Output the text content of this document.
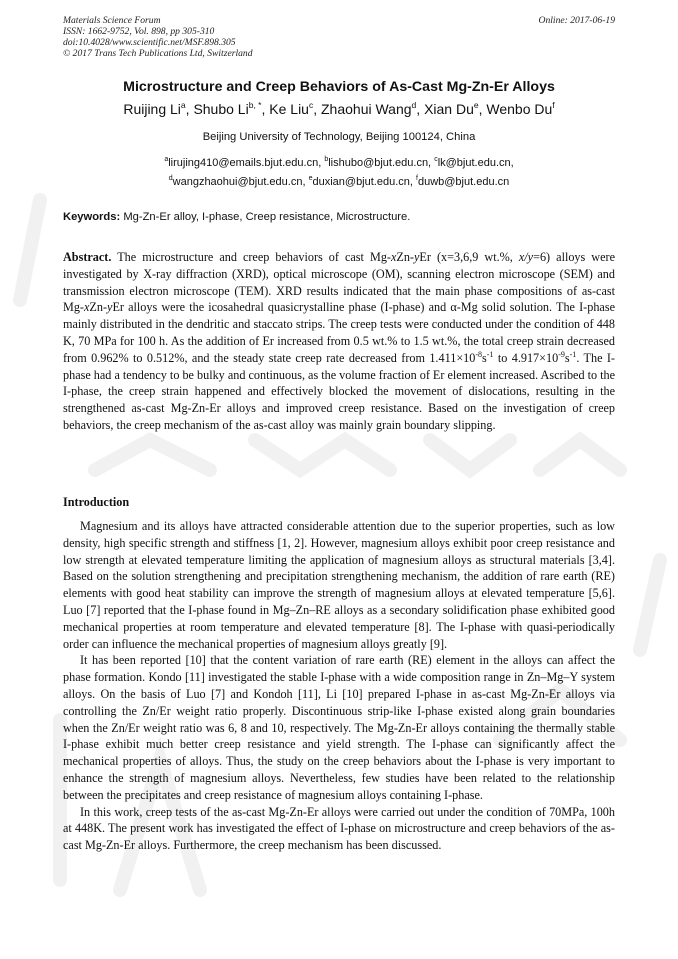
Materials Science Forum
ISSN: 1662-9752, Vol. 898, pp 305-310
doi:10.4028/www.scientific.net/MSF.898.305
© 2017 Trans Tech Publications Ltd, Switzerland
Online: 2017-06-19
Microstructure and Creep Behaviors of As-Cast Mg-Zn-Er Alloys
Ruijing Li$^a$, Shubo $Li^{b, *}$, Ke Liu$^c$, Zhaohui Wang$^d$, Xian Du$^e$, Wenbo Du$^f$
Beijing University of Technology, Beijing 100124, China
$^a$lirujing410@emails.bjut.edu.cn, $^b$lishubo@bjut.edu.cn, $^c$lk@bjut.edu.cn,
$^d$wangzhaohui@bjut.edu.cn, $^e$duxian@bjut.edu.cn, $^f$duwb@bjut.edu.cn
Keywords: Mg-Zn-Er alloy, I-phase, Creep resistance, Microstructure.
Abstract. The microstructure and creep behaviors of cast Mg-xZn-yEr (x=3,6,9 wt.%, x/y=6) alloys were investigated by X-ray diffraction (XRD), optical microscope (OM), scanning electron microscope (SEM) and transmission electron microscope (TEM). XRD results indicated that the main phase compositions of as-cast Mg-xZn-yEr alloys were the icosahedral quasicrystalline phase (I-phase) and α-Mg solid solution. The I-phase mainly distributed in the dendritic and staccato strips. The creep tests were conducted under the condition of 448 K, 70 MPa for 100 h. As the addition of Er increased from 0.5 wt.% to 1.5 wt.%, the total creep strain decreased from 0.962% to 0.512%, and the steady state creep rate decreased from $1.411\times 10^{-8}s^{-1}$ to $4.917\times 10^{-9}s^{-1}$. The I-phase had a tendency to be bulky and continuous, as the volume fraction of Er element increased. Ascribed to the I-phase, the creep strain happened and effectively blocked the movement of dislocations, resulting in the strengthened as-cast Mg-Zn-Er alloys and improved creep resistance. Based on the investigation of creep behaviors, the creep mechanism of the as-cast alloy was mainly grain boundary slipping.
Introduction

Magnesium and its alloys have attracted considerable attention due to the superior properties, such as low density, high specific strength and stiffness [1, 2]. However, magnesium alloys exhibit poor creep resistance and low strength at elevated temperature limiting the application of magnesium alloys as structural materials [3,4]. Based on the solution strengthening and precipitation strengthening mechanism, the addition of rare earth (RE) elements with good heat stability can improve the strength of magnesium alloys at elevated temperature [5,6]. Luo [7] reported that the I-phase found in Mg–Zn–RE alloys as a secondary solidification phase exhibited good mechanical properties at room temperature and elevated temperature [8]. The I-phase with quasi-periodically order can influence the mechanical properties of magnesium alloys greatly [9].

It has been reported [10] that the content variation of rare earth (RE) element in the alloys can affect the phase formation. Kondo [11] investigated the stable I-phase with a wide composition range in Zn–Mg–Y system alloys. On the basis of Luo [7] and Kondoh [11], Li [10] prepared I-phase in as-cast Mg-Zn-Er alloys via controlling the Zn/Er weight ratio properly. Discontinuous strip-like I-phase existed along grain boundaries when the Zn/Er weight ratio was 6, 8 and 10, respectively. The Mg-Zn-Er alloys containing the thermally stable I-phase exhibit much better creep resistance and yield strength. The I-phase can significantly affect the mechanical properties of alloys. Thus, the study on the creep behaviors about the I-phase is very important to enhance the strength of magnesium alloys. Nevertheless, few studies have been related to the relationship between the precipitates and creep resistance of magnesium alloys containing I-phase.

In this work, creep tests of the as-cast Mg-Zn-Er alloys were carried out under the condition of 70MPa, 100h at 448K. The present work has investigated the effect of I-phase on microstructure and creep behaviors of the as-cast Mg-Zn-Er alloys. Furthermore, the creep mechanism has been discussed.
